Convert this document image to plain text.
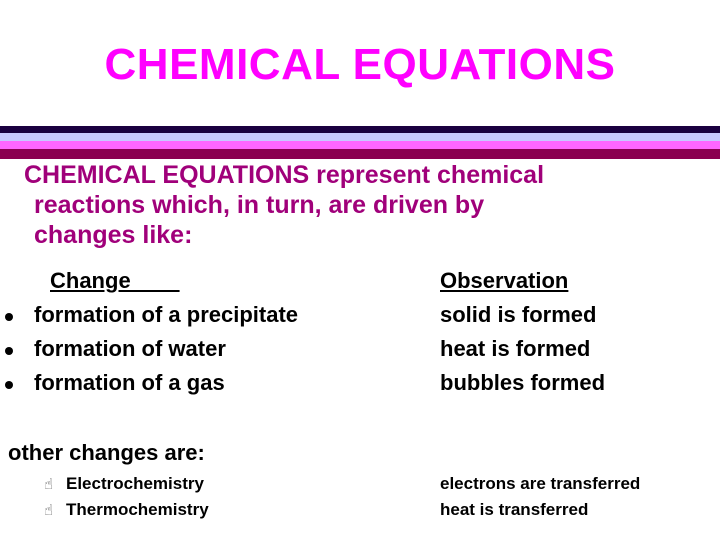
CHEMICAL EQUATIONS
CHEMICAL EQUATIONS represent chemical
reactions which, in turn, are driven by
changes like:
Change	Observation
formation of a precipitate	solid is formed
formation of water	heat is formed
formation of a gas	bubbles formed
other changes are:
☝ Electrochemistry	electrons are transferred
☝ Thermochemistry	heat is transferred
